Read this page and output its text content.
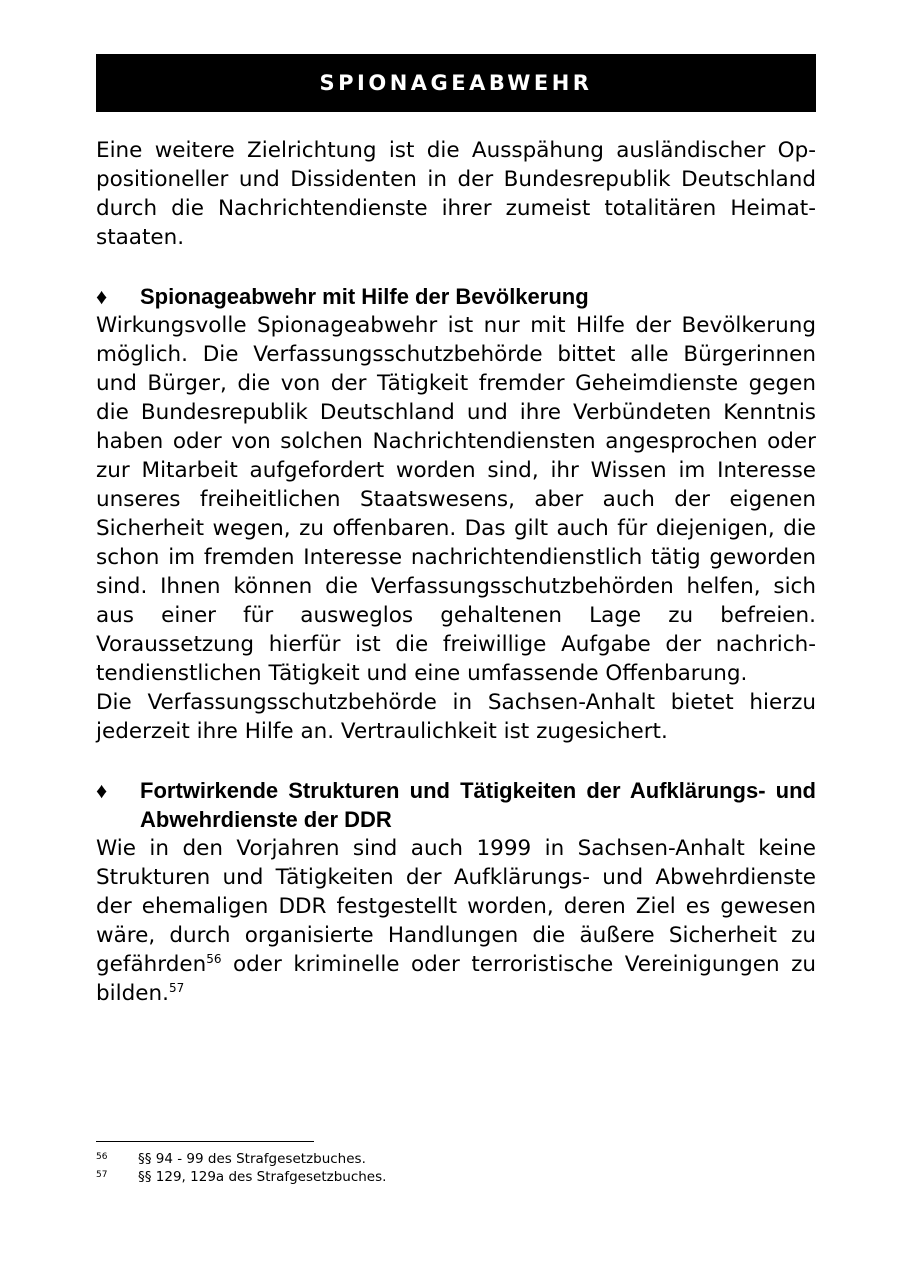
SPIONAGEABWEHR

Eine weitere Zielrichtung ist die Ausspähung ausländischer Oppositioneller und Dissidenten in der Bundesrepublik Deutschland durch die Nachrichtendienste ihrer zumeist totalitären Heimatstaaten.

♦	Spionageabwehr mit Hilfe der Bevölkerung

Wirkungsvolle Spionageabwehr ist nur mit Hilfe der Bevölkerung möglich. Die Verfassungsschutzbehörde bittet alle Bürgerinnen und Bürger, die von der Tätigkeit fremder Geheimdienste gegen die Bundesrepublik Deutschland und ihre Verbündeten Kenntnis haben oder von solchen Nachrichtendiensten angesprochen oder zur Mitarbeit aufgefordert worden sind, ihr Wissen im Interesse unseres freiheitlichen Staatswesens, aber auch der eigenen Sicherheit wegen, zu offenbaren. Das gilt auch für diejenigen, die schon im fremden Interesse nachrichtendienstlich tätig geworden sind. Ihnen können die Verfassungsschutzbehörden helfen, sich aus einer für ausweglos gehaltenen Lage zu befreien. Voraussetzung hierfür ist die freiwillige Aufgabe der nachrichtendienstlichen Tätigkeit und eine umfassende Offenbarung.

Die Verfassungsschutzbehörde in Sachsen-Anhalt bietet hierzu jederzeit ihre Hilfe an. Vertraulichkeit ist zugesichert.

♦	Fortwirkende Strukturen und Tätigkeiten der Aufklärungs- und Abwehrdienste der DDR

Wie in den Vorjahren sind auch 1999 in Sachsen-Anhalt keine Strukturen und Tätigkeiten der Aufklärungs- und Abwehrdienste der ehemaligen DDR festgestellt worden, deren Ziel es gewesen wäre, durch organisierte Handlungen die äußere Sicherheit zu gefährden$^{56}$ oder kriminelle oder terroristische Vereinigungen zu bilden.$^{57}$

56	§§ 94 - 99 des Strafgesetzbuches.
57	§§ 129, 129a des Strafgesetzbuches.
